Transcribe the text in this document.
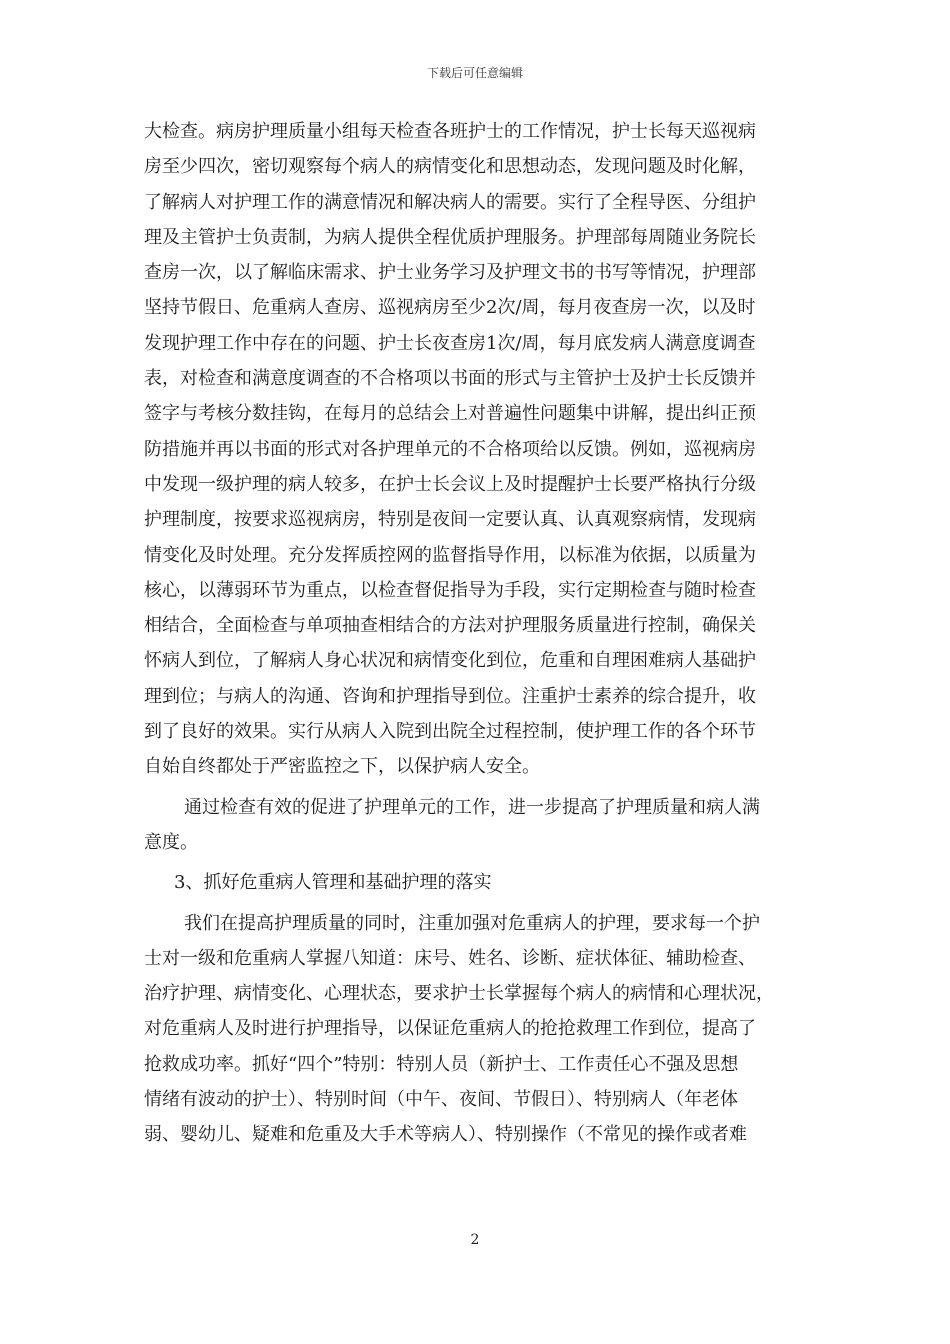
下载后可任意编辑
大检查。病房护理质量小组每天检查各班护士的工作情况，护士长每天巡视病
房至少四次，密切观察每个病人的病情变化和思想动态，发现问题及时化解，
了解病人对护理工作的满意情况和解决病人的需要。实行了全程导医、分组护
理及主管护士负责制，为病人提供全程优质护理服务。护理部每周随业务院长
查房一次，以了解临床需求、护士业务学习及护理文书的书写等情况，护理部
坚持节假日、危重病人查房、巡视病房至少2次/周，每月夜查房一次，以及时
发现护理工作中存在的问题、护士长夜查房1次/周，每月底发病人满意度调查
表，对检查和满意度调查的不合格项以书面的形式与主管护士及护士长反馈并
签字与考核分数挂钩，在每月的总结会上对普遍性问题集中讲解，提出纠正预
防措施并再以书面的形式对各护理单元的不合格项给以反馈。例如，巡视病房
中发现一级护理的病人较多，在护士长会议上及时提醒护士长要严格执行分级
护理制度，按要求巡视病房，特别是夜间一定要认真、认真观察病情，发现病
情变化及时处理。充分发挥质控网的监督指导作用，以标准为依据，以质量为
核心，以薄弱环节为重点，以检查督促指导为手段，实行定期检查与随时检查
相结合，全面检查与单项抽查相结合的方法对护理服务质量进行控制，确保关
怀病人到位，了解病人身心状况和病情变化到位，危重和自理困难病人基础护
理到位；与病人的沟通、咨询和护理指导到位。注重护士素养的综合提升，收
到了良好的效果。实行从病人入院到出院全过程控制，使护理工作的各个环节
自始自终都处于严密监控之下，以保护病人安全。
通过检查有效的促进了护理单元的工作，进一步提高了护理质量和病人满
意度。
3、抓好危重病人管理和基础护理的落实
我们在提高护理质量的同时，注重加强对危重病人的护理，要求每一个护
士对一级和危重病人掌握八知道：床号、姓名、诊断、症状体征、辅助检查、
治疗护理、病情变化、心理状态，要求护士长掌握每个病人的病情和心理状况，
对危重病人及时进行护理指导，以保证危重病人的抢抢救理工作到位，提高了
抢救成功率。抓好“四个”特别：特别人员（新护士、工作责任心不强及思想
情绪有波动的护士）、特别时间（中午、夜间、节假日）、特别病人（年老体
弱、婴幼儿、疑难和危重及大手术等病人）、特别操作（不常见的操作或者难
2
